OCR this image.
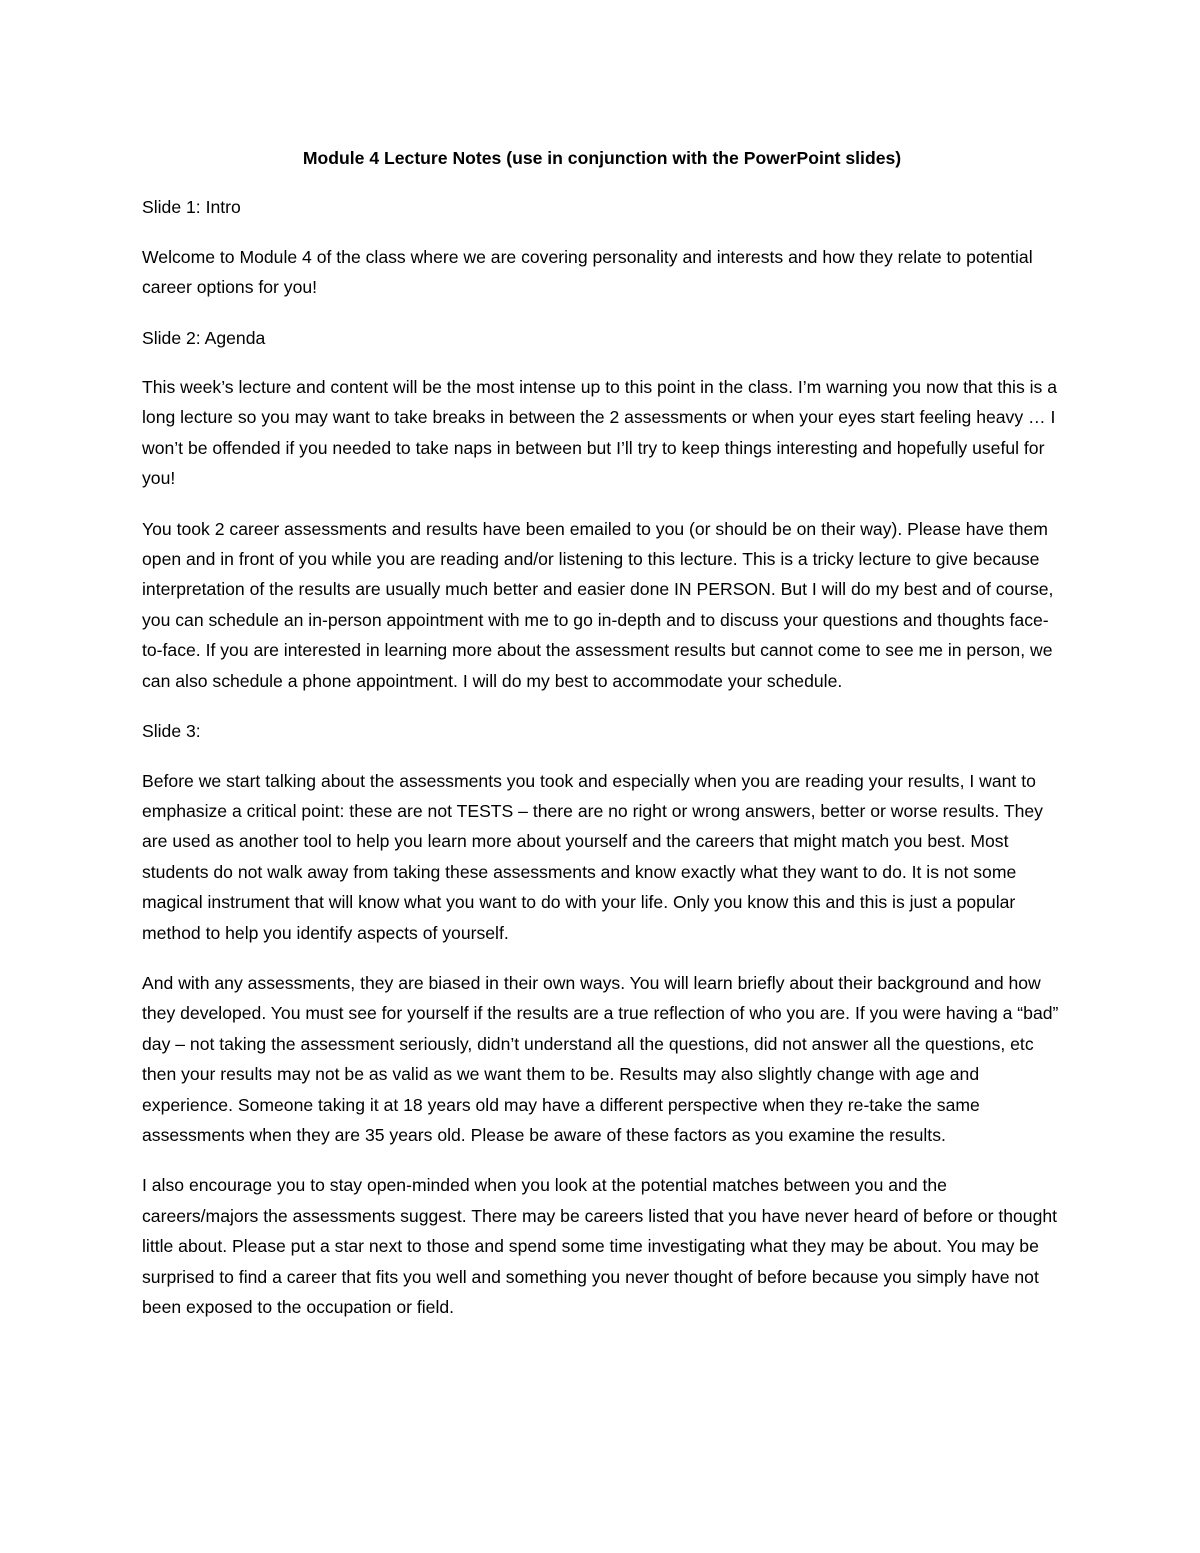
Module 4 Lecture Notes (use in conjunction with the PowerPoint slides)

Slide 1: Intro

Welcome to Module 4 of the class where we are covering personality and interests and how they relate to potential career options for you!

Slide 2: Agenda

This week’s lecture and content will be the most intense up to this point in the class. I’m warning you now that this is a long lecture so you may want to take breaks in between the 2 assessments or when your eyes start feeling heavy … I won’t be offended if you needed to take naps in between but I’ll try to keep things interesting and hopefully useful for you!

You took 2 career assessments and results have been emailed to you (or should be on their way). Please have them open and in front of you while you are reading and/or listening to this lecture. This is a tricky lecture to give because interpretation of the results are usually much better and easier done IN PERSON. But I will do my best and of course, you can schedule an in-person appointment with me to go in-depth and to discuss your questions and thoughts face-to-face. If you are interested in learning more about the assessment results but cannot come to see me in person, we can also schedule a phone appointment. I will do my best to accommodate your schedule.

Slide 3:

Before we start talking about the assessments you took and especially when you are reading your results, I want to emphasize a critical point: these are not TESTS – there are no right or wrong answers, better or worse results. They are used as another tool to help you learn more about yourself and the careers that might match you best. Most students do not walk away from taking these assessments and know exactly what they want to do. It is not some magical instrument that will know what you want to do with your life. Only you know this and this is just a popular method to help you identify aspects of yourself.

And with any assessments, they are biased in their own ways. You will learn briefly about their background and how they developed. You must see for yourself if the results are a true reflection of who you are. If you were having a “bad” day – not taking the assessment seriously, didn’t understand all the questions, did not answer all the questions, etc then your results may not be as valid as we want them to be. Results may also slightly change with age and experience. Someone taking it at 18 years old may have a different perspective when they re-take the same assessments when they are 35 years old. Please be aware of these factors as you examine the results.

I also encourage you to stay open-minded when you look at the potential matches between you and the careers/majors the assessments suggest. There may be careers listed that you have never heard of before or thought little about. Please put a star next to those and spend some time investigating what they may be about. You may be surprised to find a career that fits you well and something you never thought of before because you simply have not been exposed to the occupation or field.
